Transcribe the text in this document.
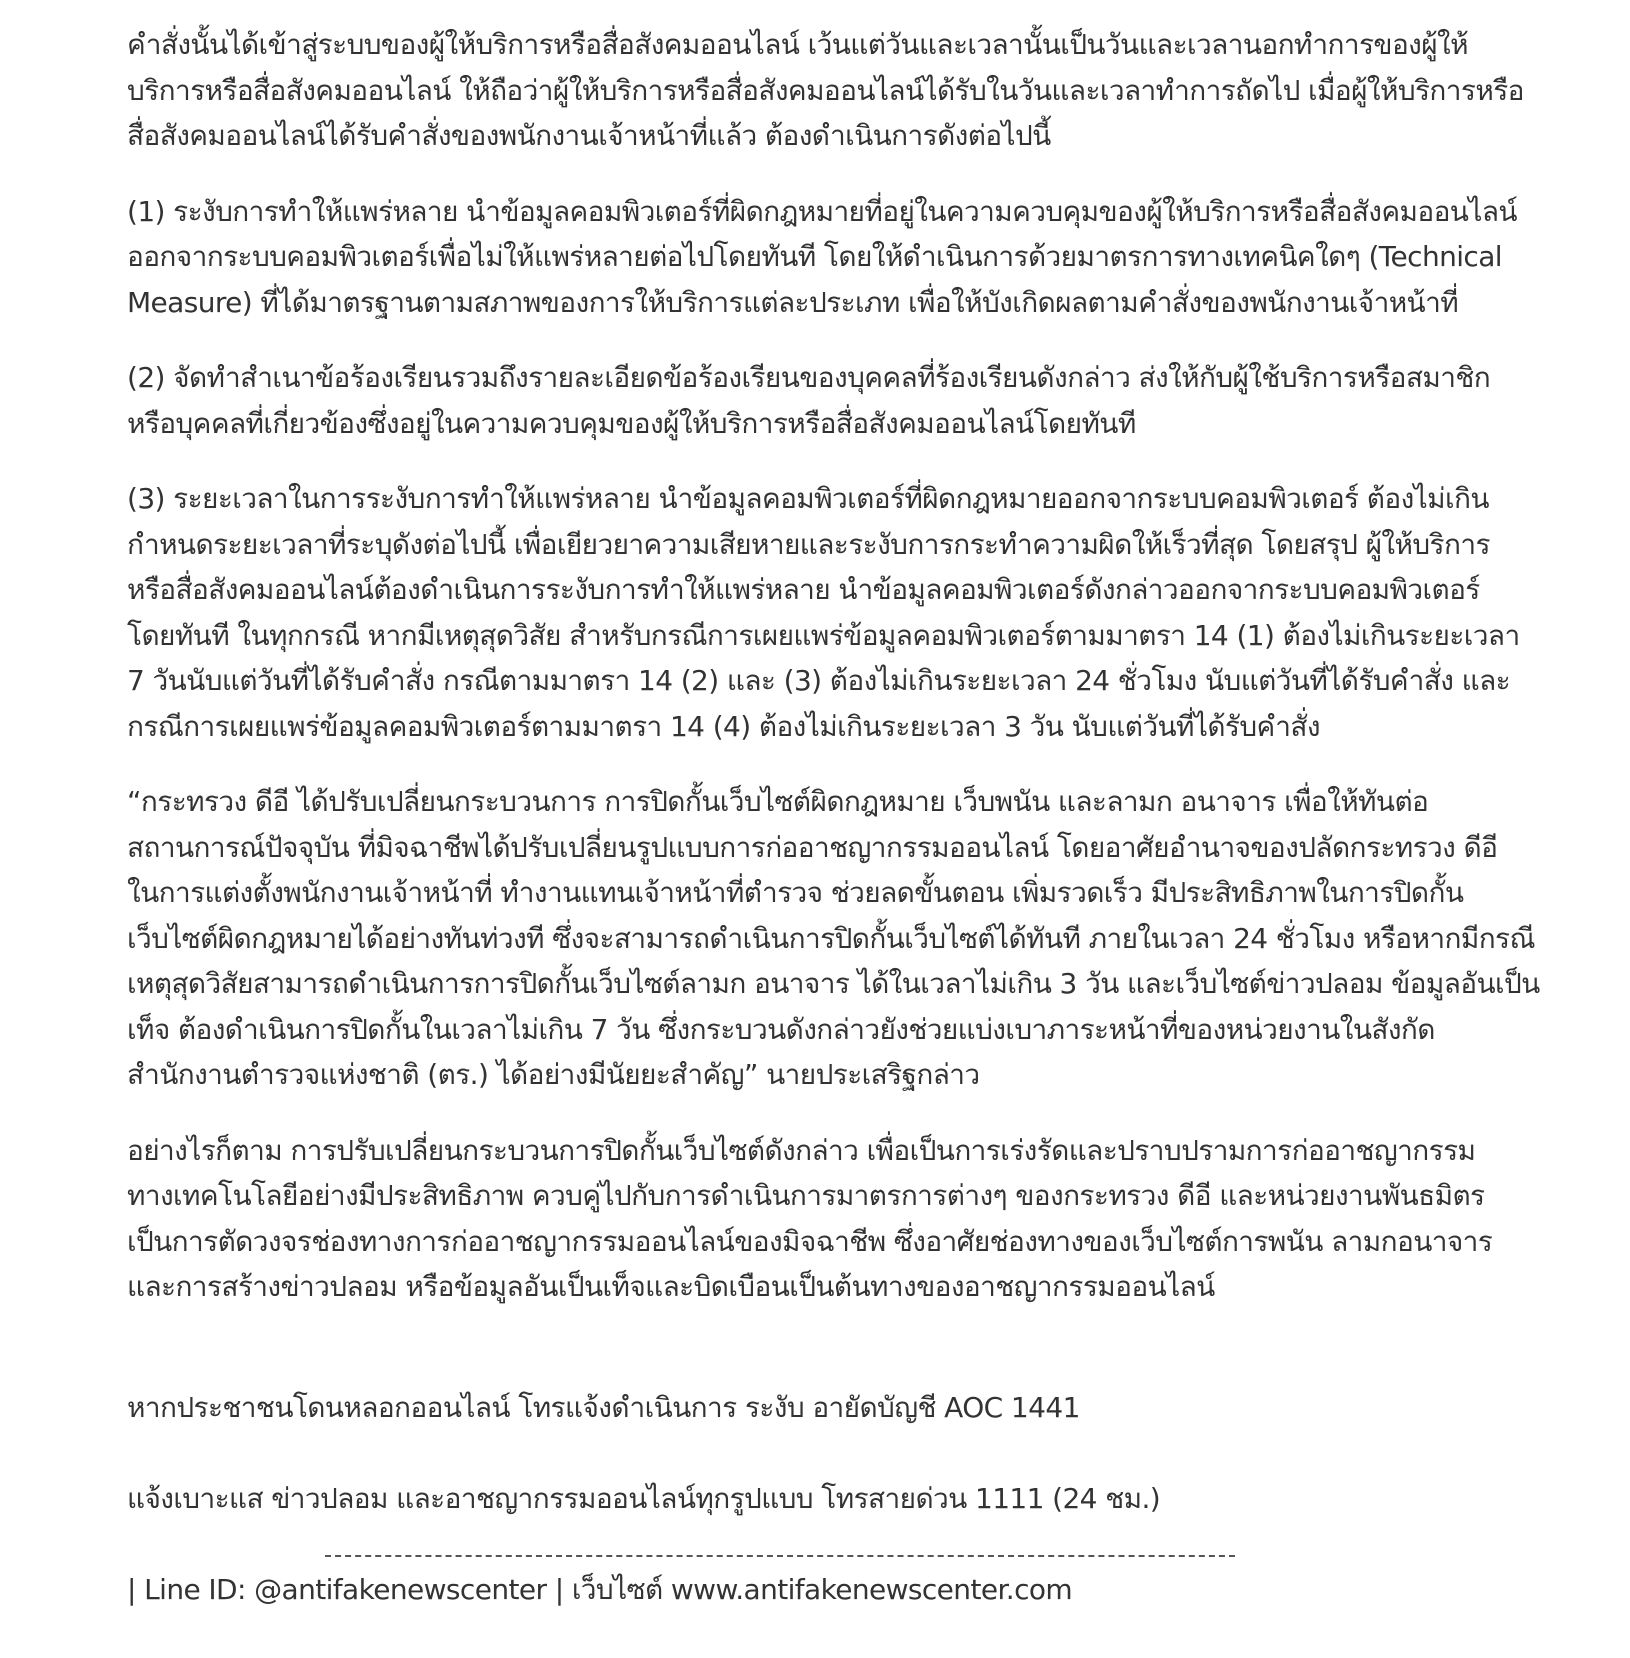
คำสั่งนั้นได้เข้าสู่ระบบของผู้ให้บริการหรือสื่อสังคมออนไลน์ เว้นแต่วันและเวลานั้นเป็นวันและเวลานอกทำการของผู้ให้
บริการหรือสื่อสังคมออนไลน์ ให้ถือว่าผู้ให้บริการหรือสื่อสังคมออนไลน์ได้รับในวันและเวลาทำการถัดไป เมื่อผู้ให้บริการหรือ
สื่อสังคมออนไลน์ได้รับคำสั่งของพนักงานเจ้าหน้าที่แล้ว ต้องดำเนินการดังต่อไปนี้

(1) ระงับการทำให้แพร่หลาย นำข้อมูลคอมพิวเตอร์ที่ผิดกฎหมายที่อยู่ในความควบคุมของผู้ให้บริการหรือสื่อสังคมออนไลน์
ออกจากระบบคอมพิวเตอร์เพื่อไม่ให้แพร่หลายต่อไปโดยทันที โดยให้ดำเนินการด้วยมาตรการทางเทคนิคใดๆ (Technical
Measure) ที่ได้มาตรฐานตามสภาพของการให้บริการแต่ละประเภท เพื่อให้บังเกิดผลตามคำสั่งของพนักงานเจ้าหน้าที่

(2) จัดทำสำเนาข้อร้องเรียนรวมถึงรายละเอียดข้อร้องเรียนของบุคคลที่ร้องเรียนดังกล่าว ส่งให้กับผู้ใช้บริการหรือสมาชิก
หรือบุคคลที่เกี่ยวข้องซึ่งอยู่ในความควบคุมของผู้ให้บริการหรือสื่อสังคมออนไลน์โดยทันที

(3) ระยะเวลาในการระงับการทำให้แพร่หลาย นำข้อมูลคอมพิวเตอร์ที่ผิดกฎหมายออกจากระบบคอมพิวเตอร์ ต้องไม่เกิน
กำหนดระยะเวลาที่ระบุดังต่อไปนี้ เพื่อเยียวยาความเสียหายและระงับการกระทำความผิดให้เร็วที่สุด โดยสรุป ผู้ให้บริการ
หรือสื่อสังคมออนไลน์ต้องดำเนินการระงับการทำให้แพร่หลาย นำข้อมูลคอมพิวเตอร์ดังกล่าวออกจากระบบคอมพิวเตอร์
โดยทันที ในทุกกรณี หากมีเหตุสุดวิสัย สำหรับกรณีการเผยแพร่ข้อมูลคอมพิวเตอร์ตามมาตรา 14 (1) ต้องไม่เกินระยะเวลา
7 วันนับแต่วันที่ได้รับคำสั่ง กรณีตามมาตรา 14 (2) และ (3) ต้องไม่เกินระยะเวลา 24 ชั่วโมง นับแต่วันที่ได้รับคำสั่ง และ
กรณีการเผยแพร่ข้อมูลคอมพิวเตอร์ตามมาตรา 14 (4) ต้องไม่เกินระยะเวลา 3 วัน นับแต่วันที่ได้รับคำสั่ง

“กระทรวง ดีอี ได้ปรับเปลี่ยนกระบวนการ การปิดกั้นเว็บไซต์ผิดกฎหมาย เว็บพนัน และลามก อนาจาร เพื่อให้ทันต่อ
สถานการณ์ปัจจุบัน ที่มิจฉาชีพได้ปรับเปลี่ยนรูปแบบการก่ออาชญากรรมออนไลน์ โดยอาศัยอำนาจของปลัดกระทรวง ดีอี
ในการแต่งตั้งพนักงานเจ้าหน้าที่ ทำงานแทนเจ้าหน้าที่ตำรวจ ช่วยลดขั้นตอน เพิ่มรวดเร็ว มีประสิทธิภาพในการปิดกั้น
เว็บไซต์ผิดกฎหมายได้อย่างทันท่วงที ซึ่งจะสามารถดำเนินการปิดกั้นเว็บไซต์ได้ทันที ภายในเวลา 24 ชั่วโมง หรือหากมีกรณี
เหตุสุดวิสัยสามารถดำเนินการการปิดกั้นเว็บไซต์ลามก อนาจาร ได้ในเวลาไม่เกิน 3 วัน และเว็บไซต์ข่าวปลอม ข้อมูลอันเป็น
เท็จ ต้องดำเนินการปิดกั้นในเวลาไม่เกิน 7 วัน ซึ่งกระบวนดังกล่าวยังช่วยแบ่งเบาภาระหน้าที่ของหน่วยงานในสังกัด
สำนักงานตำรวจแห่งชาติ (ตร.) ได้อย่างมีนัยยะสำคัญ” นายประเสริฐกล่าว

อย่างไรก็ตาม การปรับเปลี่ยนกระบวนการปิดกั้นเว็บไซต์ดังกล่าว เพื่อเป็นการเร่งรัดและปราบปรามการก่ออาชญากรรม
ทางเทคโนโลยีอย่างมีประสิทธิภาพ ควบคู่ไปกับการดำเนินการมาตรการต่างๆ ของกระทรวง ดีอี และหน่วยงานพันธมิตร
เป็นการตัดวงจรช่องทางการก่ออาชญากรรมออนไลน์ของมิจฉาชีพ ซึ่งอาศัยช่องทางของเว็บไซต์การพนัน ลามกอนาจาร
และการสร้างข่าวปลอม หรือข้อมูลอันเป็นเท็จและบิดเบือนเป็นต้นทางของอาชญากรรมออนไลน์

หากประชาชนโดนหลอกออนไลน์ โทรแจ้งดำเนินการ ระงับ อายัดบัญชี AOC 1441

แจ้งเบาะแส ข่าวปลอม และอาชญากรรมออนไลน์ทุกรูปแบบ โทรสายด่วน 1111 (24 ชม.)

| Line ID: @antifakenewscenter | เว็บไซต์ www.antifakenewscenter.com
